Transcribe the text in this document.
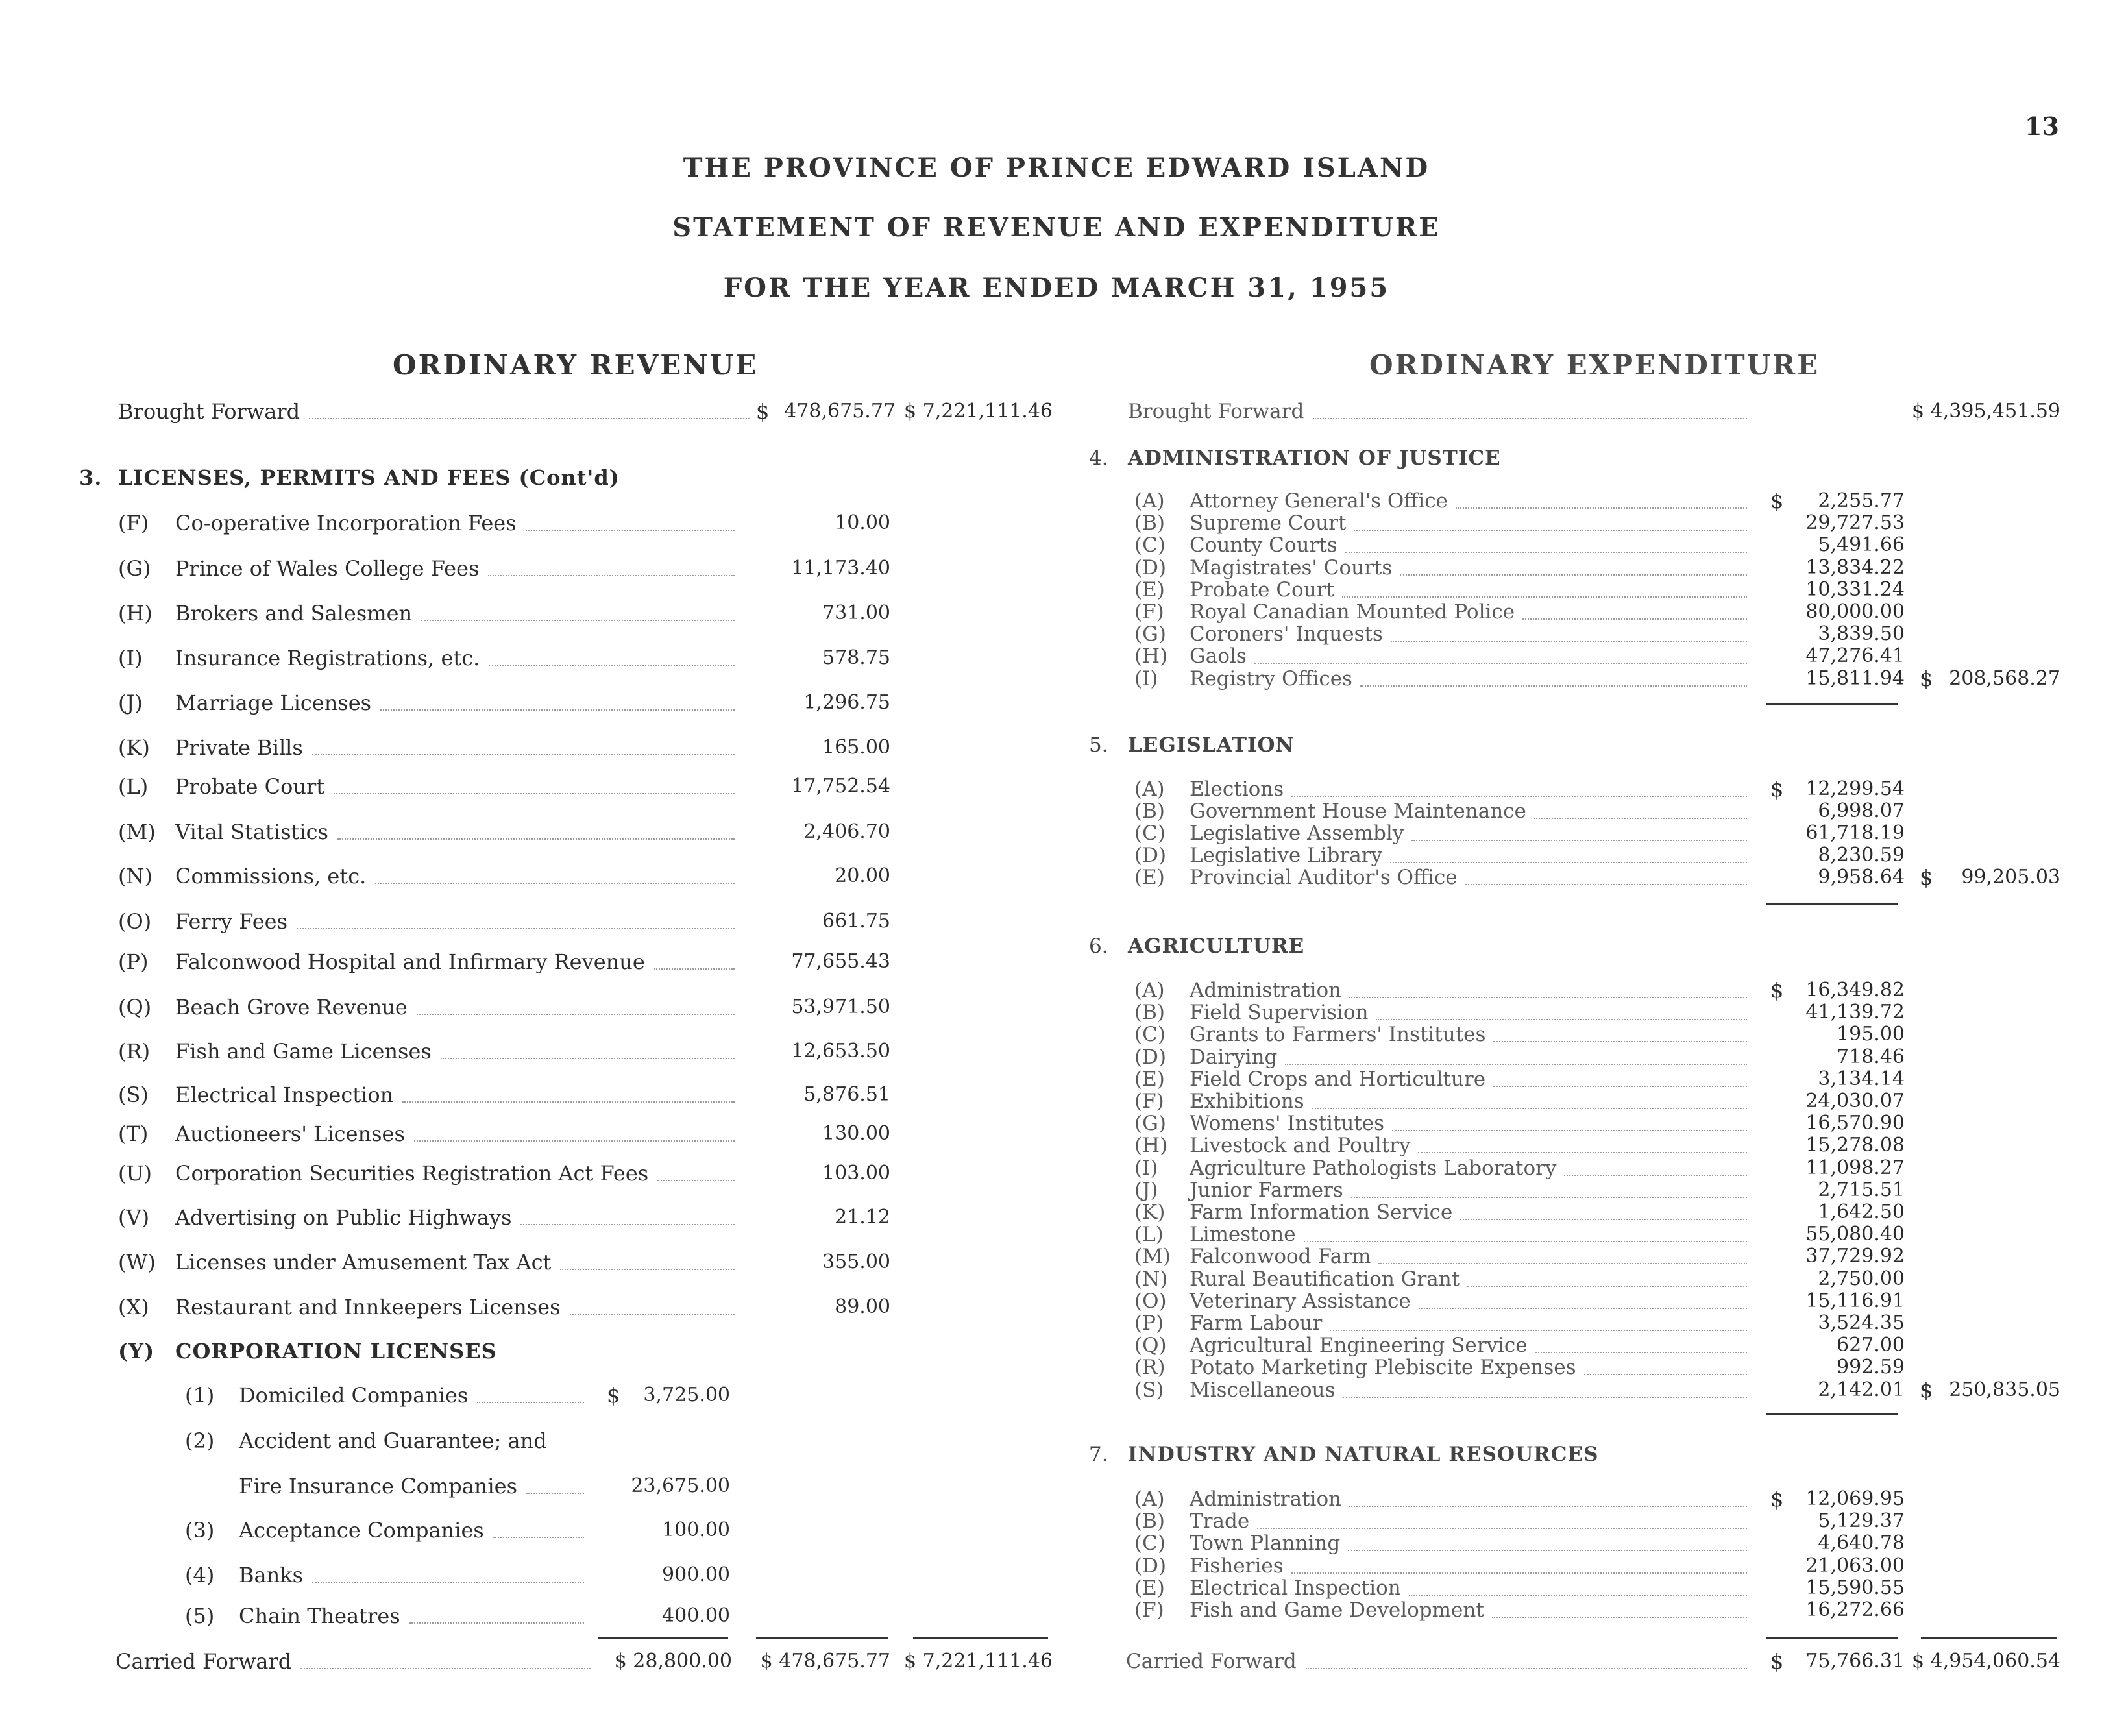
13
THE PROVINCE OF PRINCE EDWARD ISLAND
STATEMENT OF REVENUE AND EXPENDITURE
FOR THE YEAR ENDED MARCH 31, 1955
ORDINARY REVENUE	ORDINARY EXPENDITURE
Brought Forward	$ 478,675.77 $ 7,221,111.46
3. LICENSES, PERMITS AND FEES (Cont'd)
(F) Co-operative Incorporation Fees	10.00
(G) Prince of Wales College Fees	11,173.40
(H) Brokers and Salesmen	731.00
(I) Insurance Registrations, etc.	578.75
(J) Marriage Licenses	1,296.75
(K) Private Bills	165.00
(L) Probate Court	17,752.54
(M) Vital Statistics	2,406.70
(N) Commissions, etc.	20.00
(O) Ferry Fees	661.75
(P) Falconwood Hospital and Infirmary Revenue	77,655.43
(Q) Beach Grove Revenue	53,971.50
(R) Fish and Game Licenses	12,653.50
(S) Electrical Inspection	5,876.51
(T) Auctioneers' Licenses	130.00
(U) Corporation Securities Registration Act Fees	103.00
(V) Advertising on Public Highways	21.12
(W) Licenses under Amusement Tax Act	355.00
(X) Restaurant and Innkeepers Licenses	89.00
(Y) CORPORATION LICENSES
(1) Domiciled Companies	3,725.00
$
(2) Accident and Guarantee; and
Fire Insurance Companies	23,675.00
(3) Acceptance Companies	100.00
(4) Banks	900.00
(5) Chain Theatres	400.00
Carried Forward	$ 28,800.00	$ 478,675.77 $ 7,221,111.46
Brought Forward	$ 4,395,451.59
4. ADMINISTRATION OF JUSTICE
(A) Attorney General's Office	$	2,255.77
(B) Supreme Court	29,727.53
(C) County Courts	5,491.66
(D) Magistrates' Courts	13,834.22
(E) Probate Court	10,331.24
(F) Royal Canadian Mounted Police	80,000.00
(G) Coroners' Inquests	3,839.50
(H) Gaols	47,276.41
(I) Registry Offices	15,811.94 $ 208,568.27
5. LEGISLATION
(A) Elections	$	12,299.54
(B) Government House Maintenance	6,998.07
(C) Legislative Assembly	61,718.19
(D) Legislative Library	8,230.59
(E) Provincial Auditor's Office	9,958.64 $	99,205.03
6. AGRICULTURE
(A) Administration	$	16,349.82
(B) Field Supervision	41,139.72
(C) Grants to Farmers' Institutes	195.00
(D) Dairying	718.46
(E) Field Crops and Horticulture	3,134.14
(F) Exhibitions	24,030.07
(G) Womens' Institutes	16,570.90
(H) Livestock and Poultry	15,278.08
(I) Agriculture Pathologists Laboratory	11,098.27
(J) Junior Farmers	2,715.51
(K) Farm Information Service	1,642.50
(L) Limestone	55,080.40
(M) Falconwood Farm	37,729.92
(N) Rural Beautification Grant	2,750.00
(O) Veterinary Assistance	15,116.91
(P) Farm Labour	3,524.35
(Q) Agricultural Engineering Service	627.00
(R) Potato Marketing Plebiscite Expenses	992.59
(S) Miscellaneous	2,142.01 $ 250,835.05
7. INDUSTRY AND NATURAL RESOURCES
(A) Administration	$	12,069.95
(B) Trade	5,129.37
(C) Town Planning	4,640.78
(D) Fisheries	21,063.00
(E) Electrical Inspection	15,590.55
(F) Fish and Game Development	16,272.66
Carried Forward	$	75,766.31 $ 4,954,060.54
